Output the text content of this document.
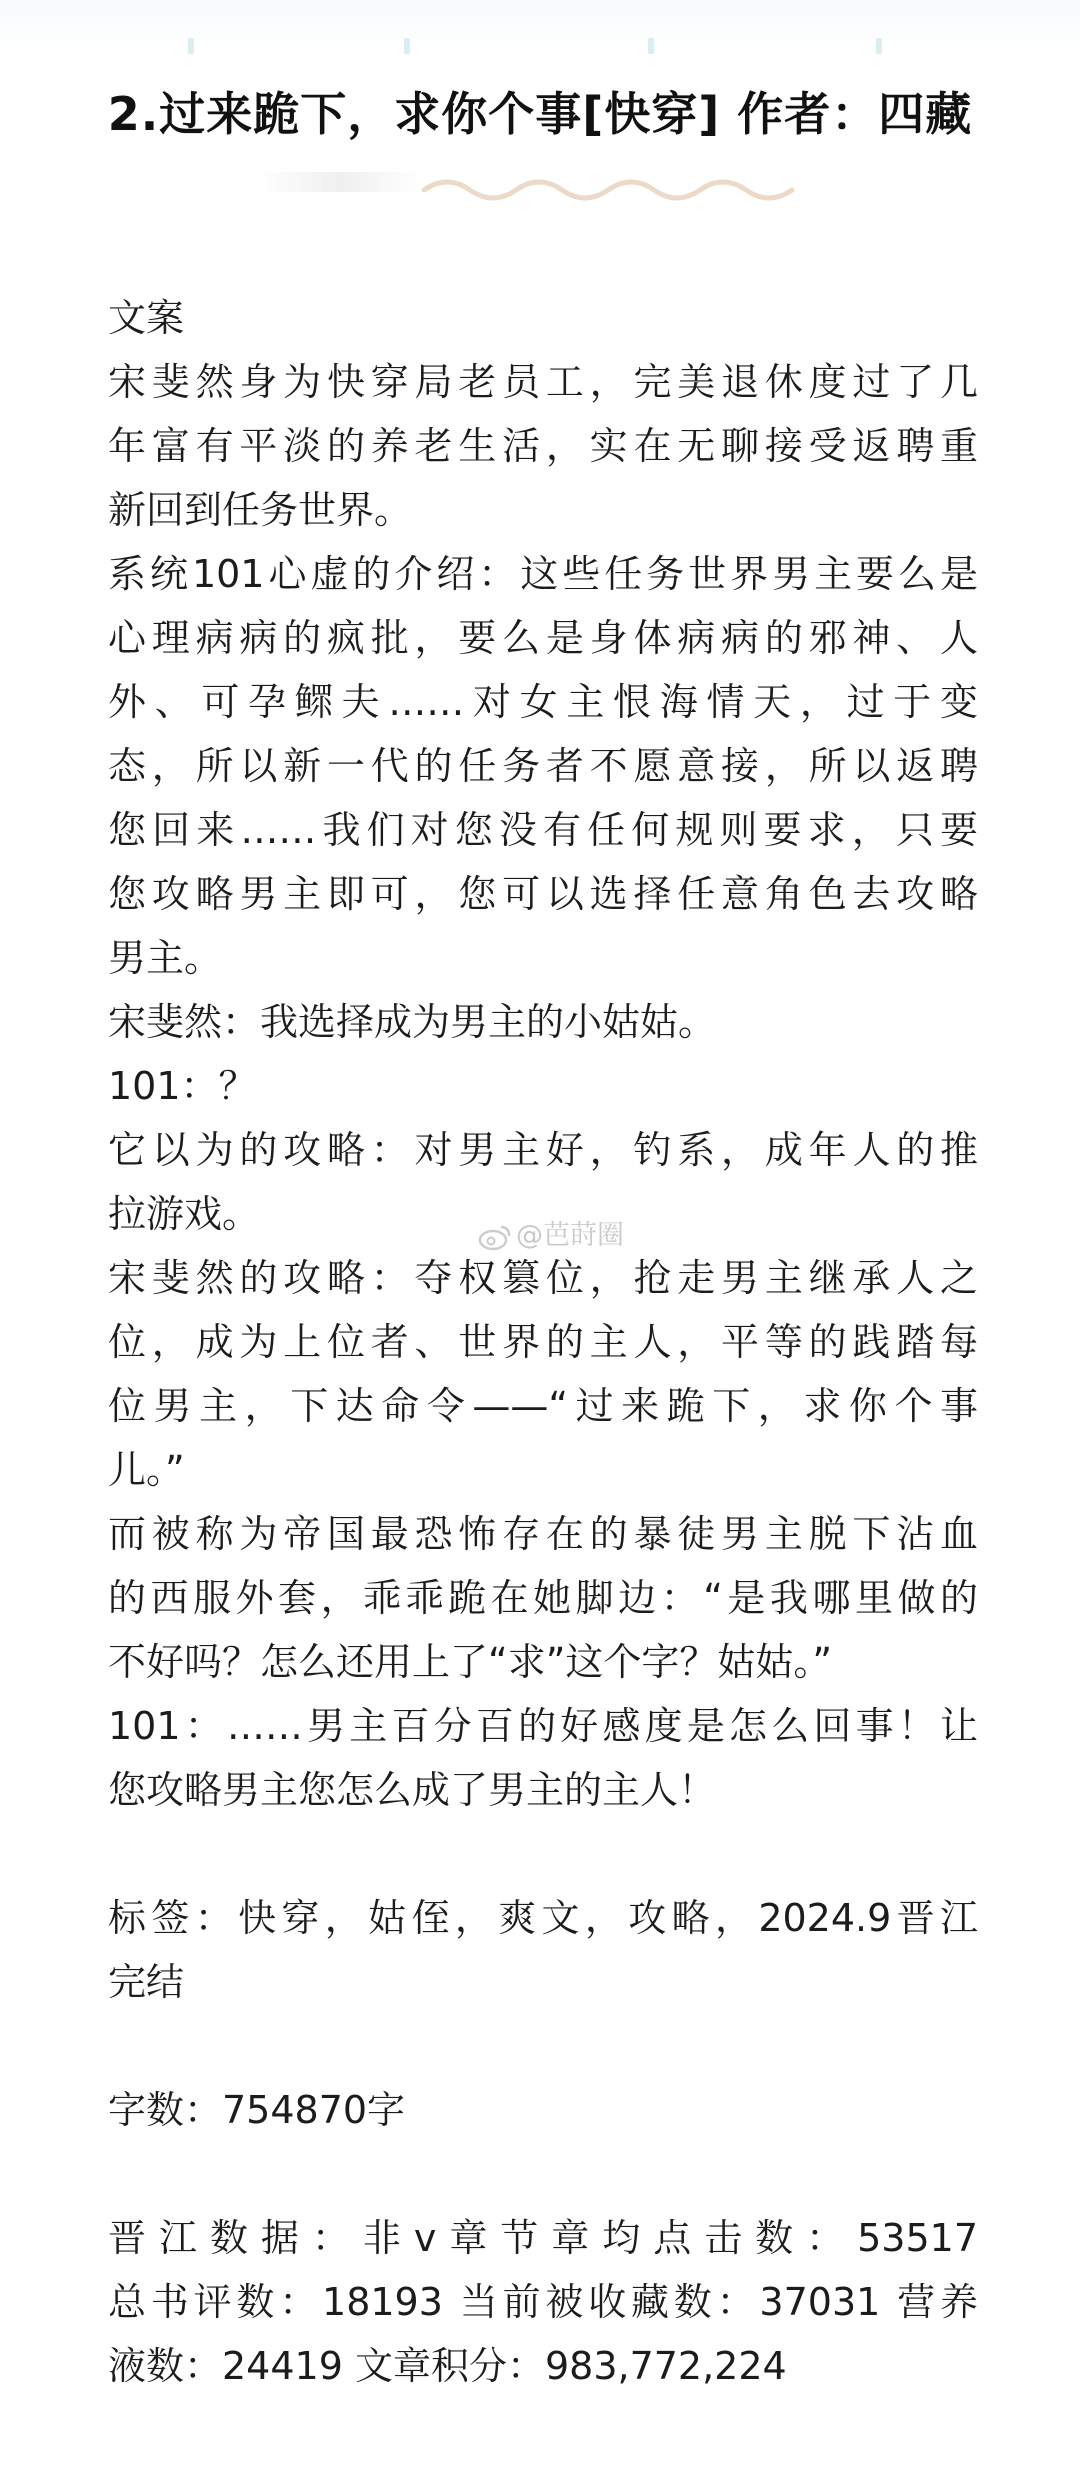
2.过来跪下，求你个事[快穿] 作者：四藏
文案
宋斐然身为快穿局老员工，完美退休度过了几
年富有平淡的养老生活，实在无聊接受返聘重
新回到任务世界。
系统101心虚的介绍：这些任务世界男主要么是
心理病病的疯批，要么是身体病病的邪神、人
外、可孕鳏夫……对女主恨海情天，过于变
态，所以新一代的任务者不愿意接，所以返聘
您回来……我们对您没有任何规则要求，只要
您攻略男主即可，您可以选择任意角色去攻略
男主。
宋斐然：我选择成为男主的小姑姑。
101：？
它以为的攻略：对男主好，钓系，成年人的推
拉游戏。
宋斐然的攻略：夺权篡位，抢走男主继承人之
位，成为上位者、世界的主人，平等的践踏每
位男主，下达命令——“过来跪下，求你个事
儿。”
而被称为帝国最恐怖存在的暴徒男主脱下沾血
的西服外套，乖乖跪在她脚边：“是我哪里做的
不好吗？怎么还用上了“求”这个字？姑姑。”
101：……男主百分百的好感度是怎么回事！让
您攻略男主您怎么成了男主的主人！
标签：快穿，姑侄，爽文，攻略，2024.9晋江
完结
字数：754870字
晋江数据：非v章节章均点击数：53517
总书评数：18193 当前被收藏数：37031 营养
液数：24419 文章积分：983,772,224
@芭莳圈
